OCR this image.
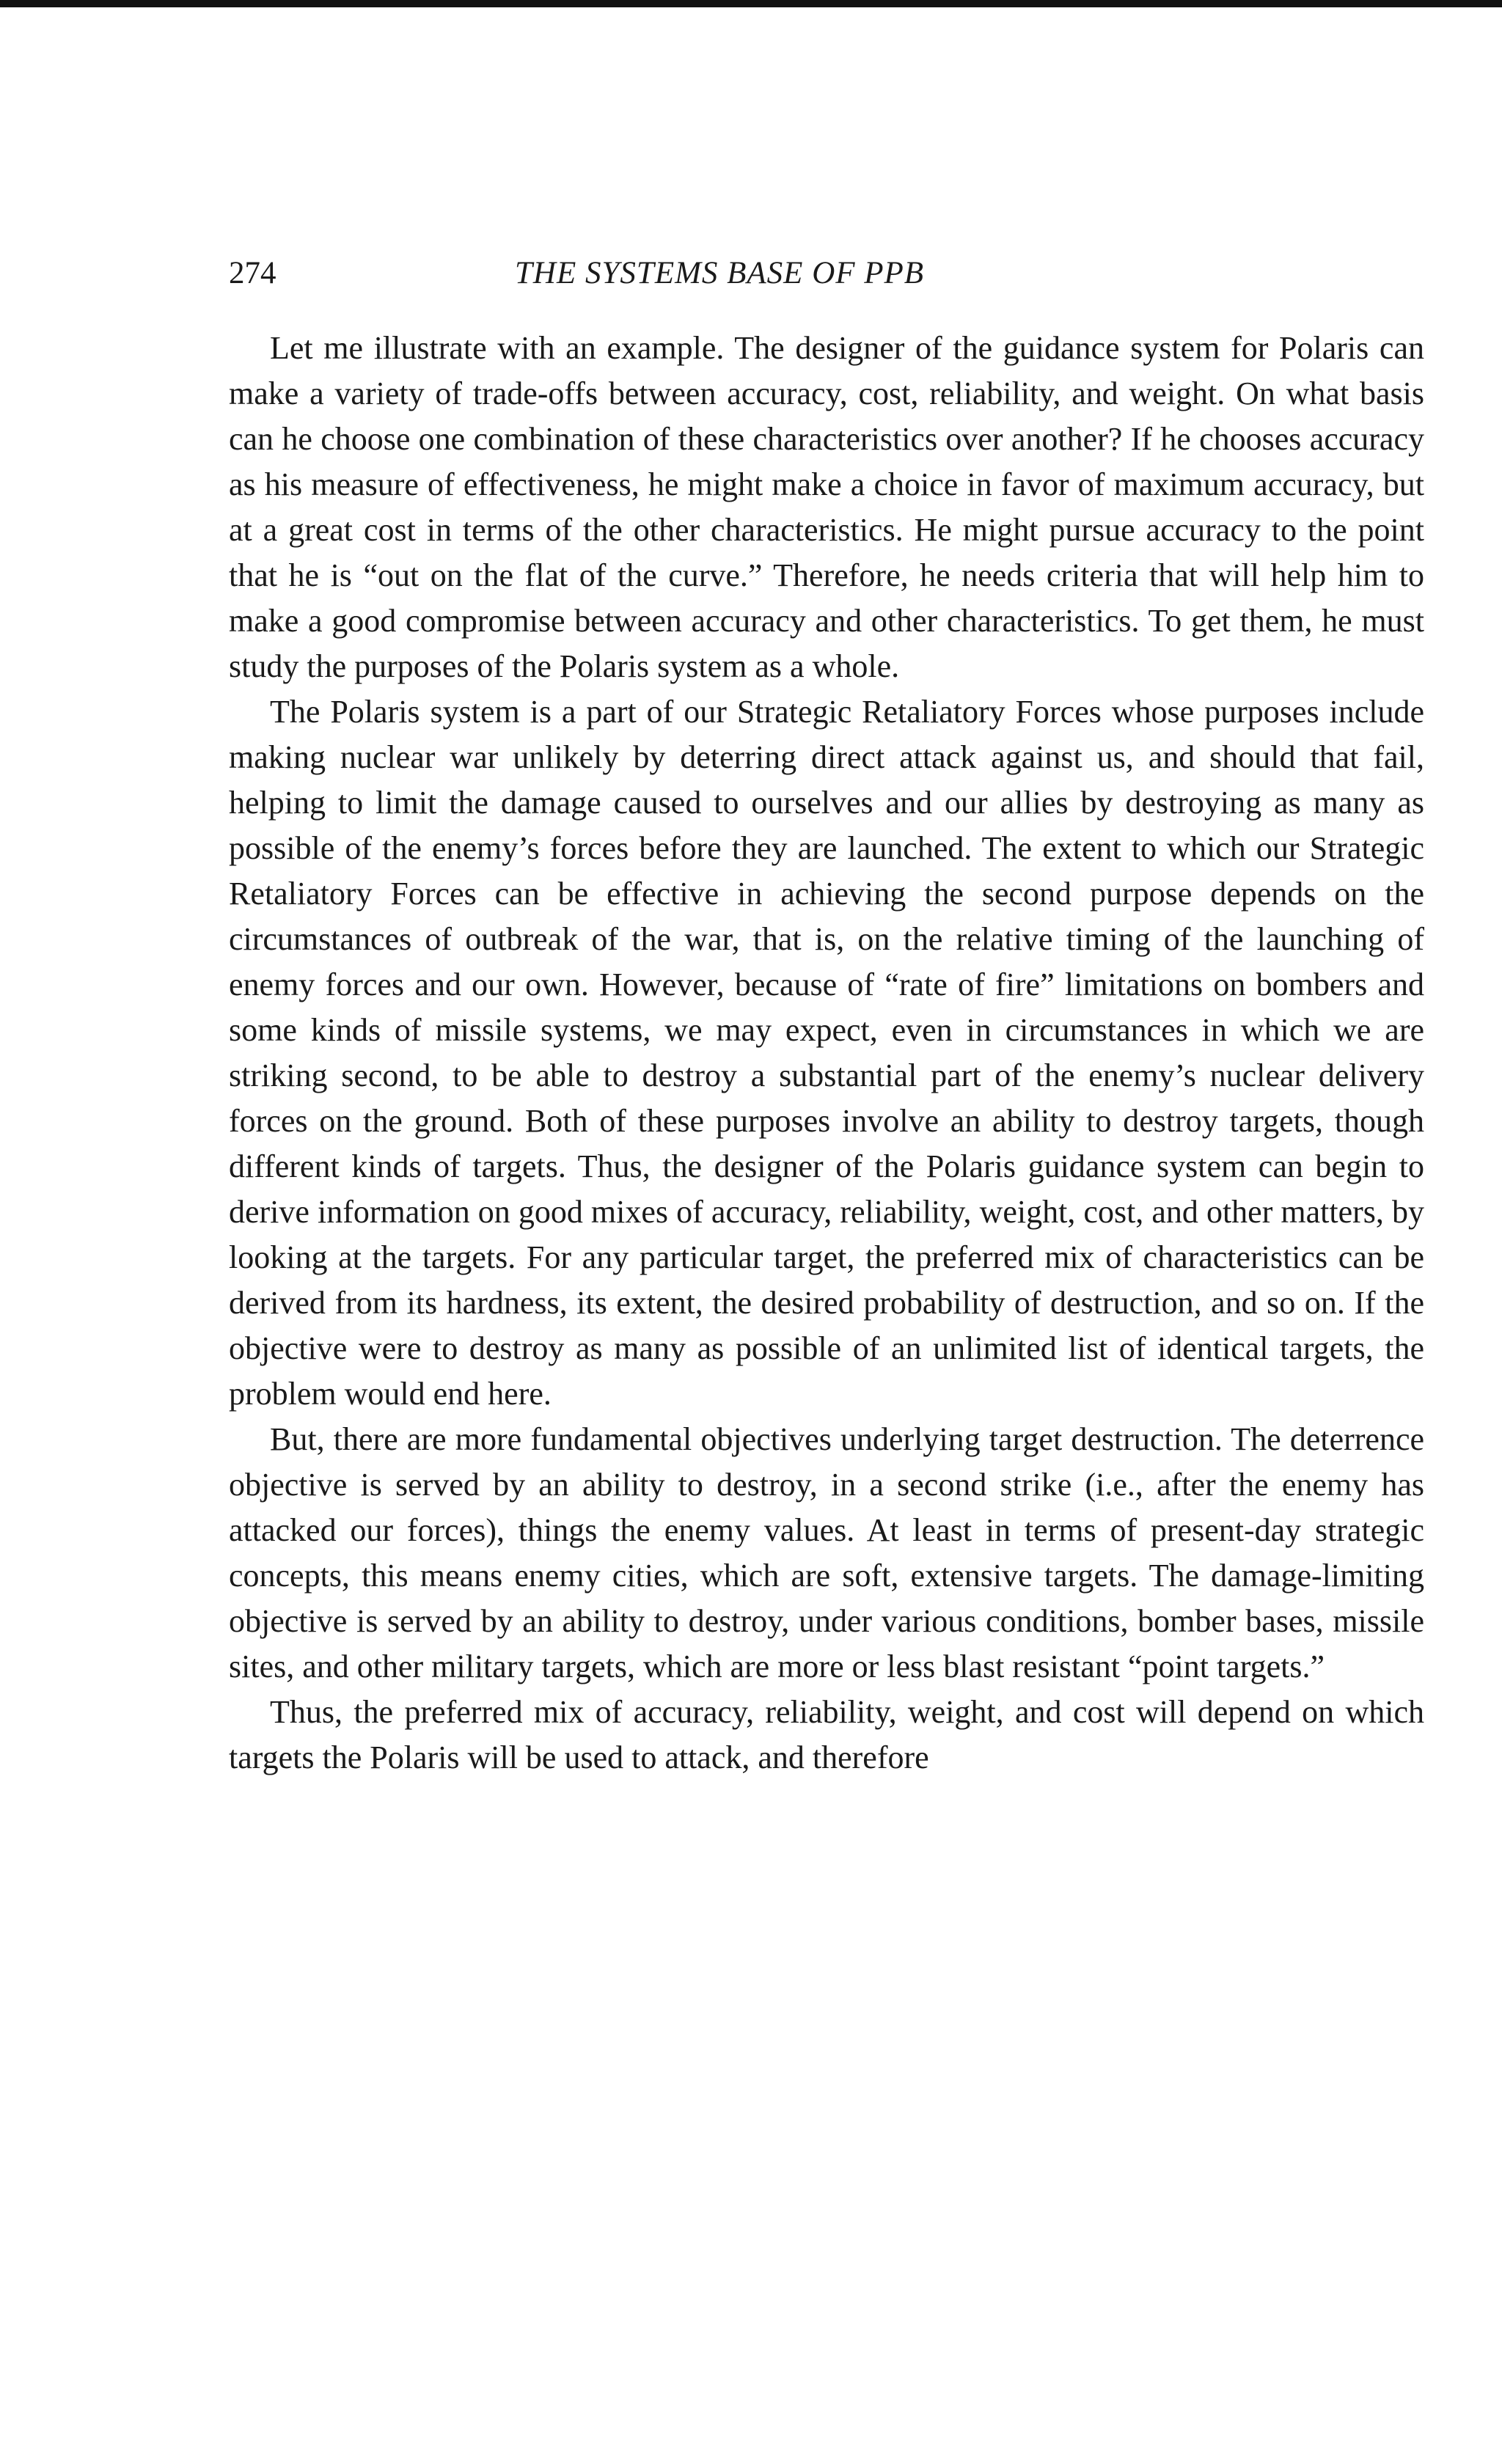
274	THE SYSTEMS BASE OF PPB

Let me illustrate with an example. The designer of the guidance system for Polaris can make a variety of trade-offs between accuracy, cost, reliability, and weight. On what basis can he choose one combination of these characteristics over another? If he chooses accuracy as his measure of effectiveness, he might make a choice in favor of maximum accuracy, but at a great cost in terms of the other characteristics. He might pursue accuracy to the point that he is “out on the flat of the curve.” Therefore, he needs criteria that will help him to make a good compromise between accuracy and other characteristics. To get them, he must study the purposes of the Polaris system as a whole.

The Polaris system is a part of our Strategic Retaliatory Forces whose purposes include making nuclear war unlikely by deterring direct attack against us, and should that fail, helping to limit the damage caused to ourselves and our allies by destroying as many as possible of the enemy’s forces before they are launched. The extent to which our Strategic Retaliatory Forces can be effective in achieving the second purpose depends on the circumstances of outbreak of the war, that is, on the relative timing of the launching of enemy forces and our own. However, because of “rate of fire” limitations on bombers and some kinds of missile systems, we may expect, even in circumstances in which we are striking second, to be able to destroy a substantial part of the enemy’s nuclear delivery forces on the ground. Both of these purposes involve an ability to destroy targets, though different kinds of targets. Thus, the designer of the Polaris guidance system can begin to derive information on good mixes of accuracy, reliability, weight, cost, and other matters, by looking at the targets. For any particular target, the preferred mix of characteristics can be derived from its hardness, its extent, the desired probability of destruction, and so on. If the objective were to destroy as many as possible of an unlimited list of identical targets, the problem would end here.

But, there are more fundamental objectives underlying target destruction. The deterrence objective is served by an ability to destroy, in a second strike (i.e., after the enemy has attacked our forces), things the enemy values. At least in terms of present-day strategic concepts, this means enemy cities, which are soft, extensive targets. The damage-limiting objective is served by an ability to destroy, under various conditions, bomber bases, missile sites, and other military targets, which are more or less blast resistant “point targets.”

Thus, the preferred mix of accuracy, reliability, weight, and cost will depend on which targets the Polaris will be used to attack, and therefore
